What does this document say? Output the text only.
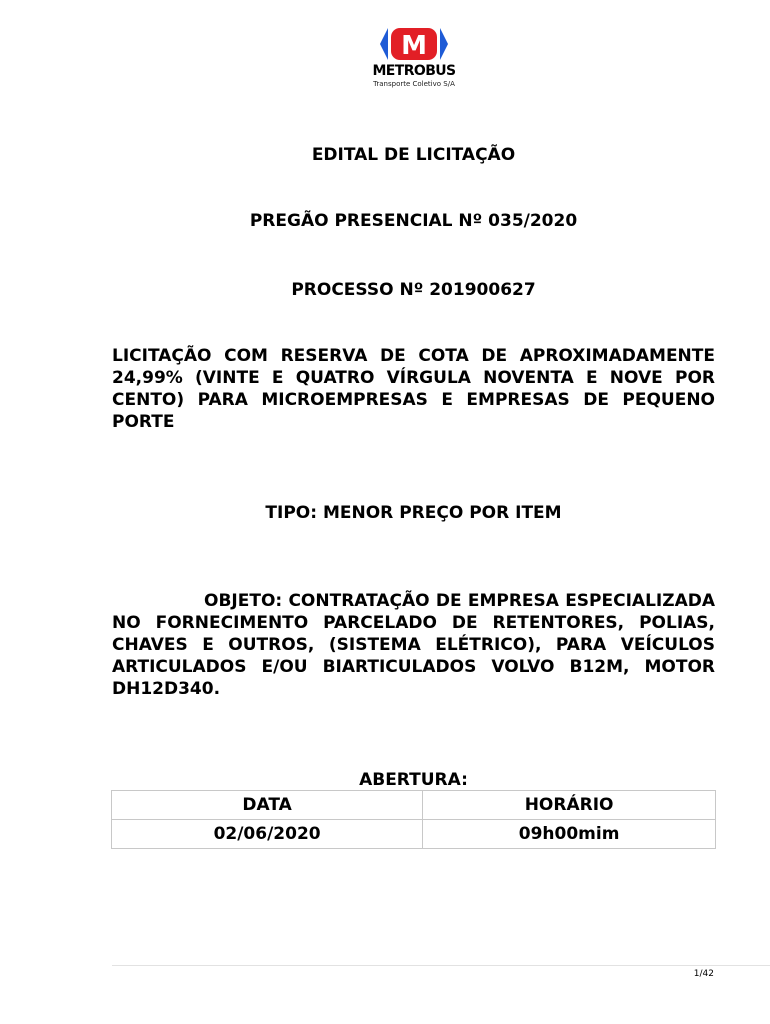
M
METROBUS
Transporte Coletivo S/A
EDITAL DE LICITAÇÃO
PREGÃO PRESENCIAL Nº 035/2020
PROCESSO Nº 201900627
LICITAÇÃO COM RESERVA DE COTA DE APROXIMADAMENTE 24,99% (VINTE E QUATRO VÍRGULA NOVENTA E NOVE POR CENTO) PARA MICROEMPRESAS E EMPRESAS DE PEQUENO PORTE
TIPO: MENOR PREÇO POR ITEM
OBJETO: CONTRATAÇÃO DE EMPRESA ESPECIALIZADA NO FORNECIMENTO PARCELADO DE RETENTORES, POLIAS, CHAVES E OUTROS, (SISTEMA ELÉTRICO), PARA VEÍCULOS ARTICULADOS E/OU BIARTICULADOS VOLVO B12M, MOTOR DH12D340.
ABERTURA:
DATA	HORÁRIO
02/06/2020	09h00mim
1/42
